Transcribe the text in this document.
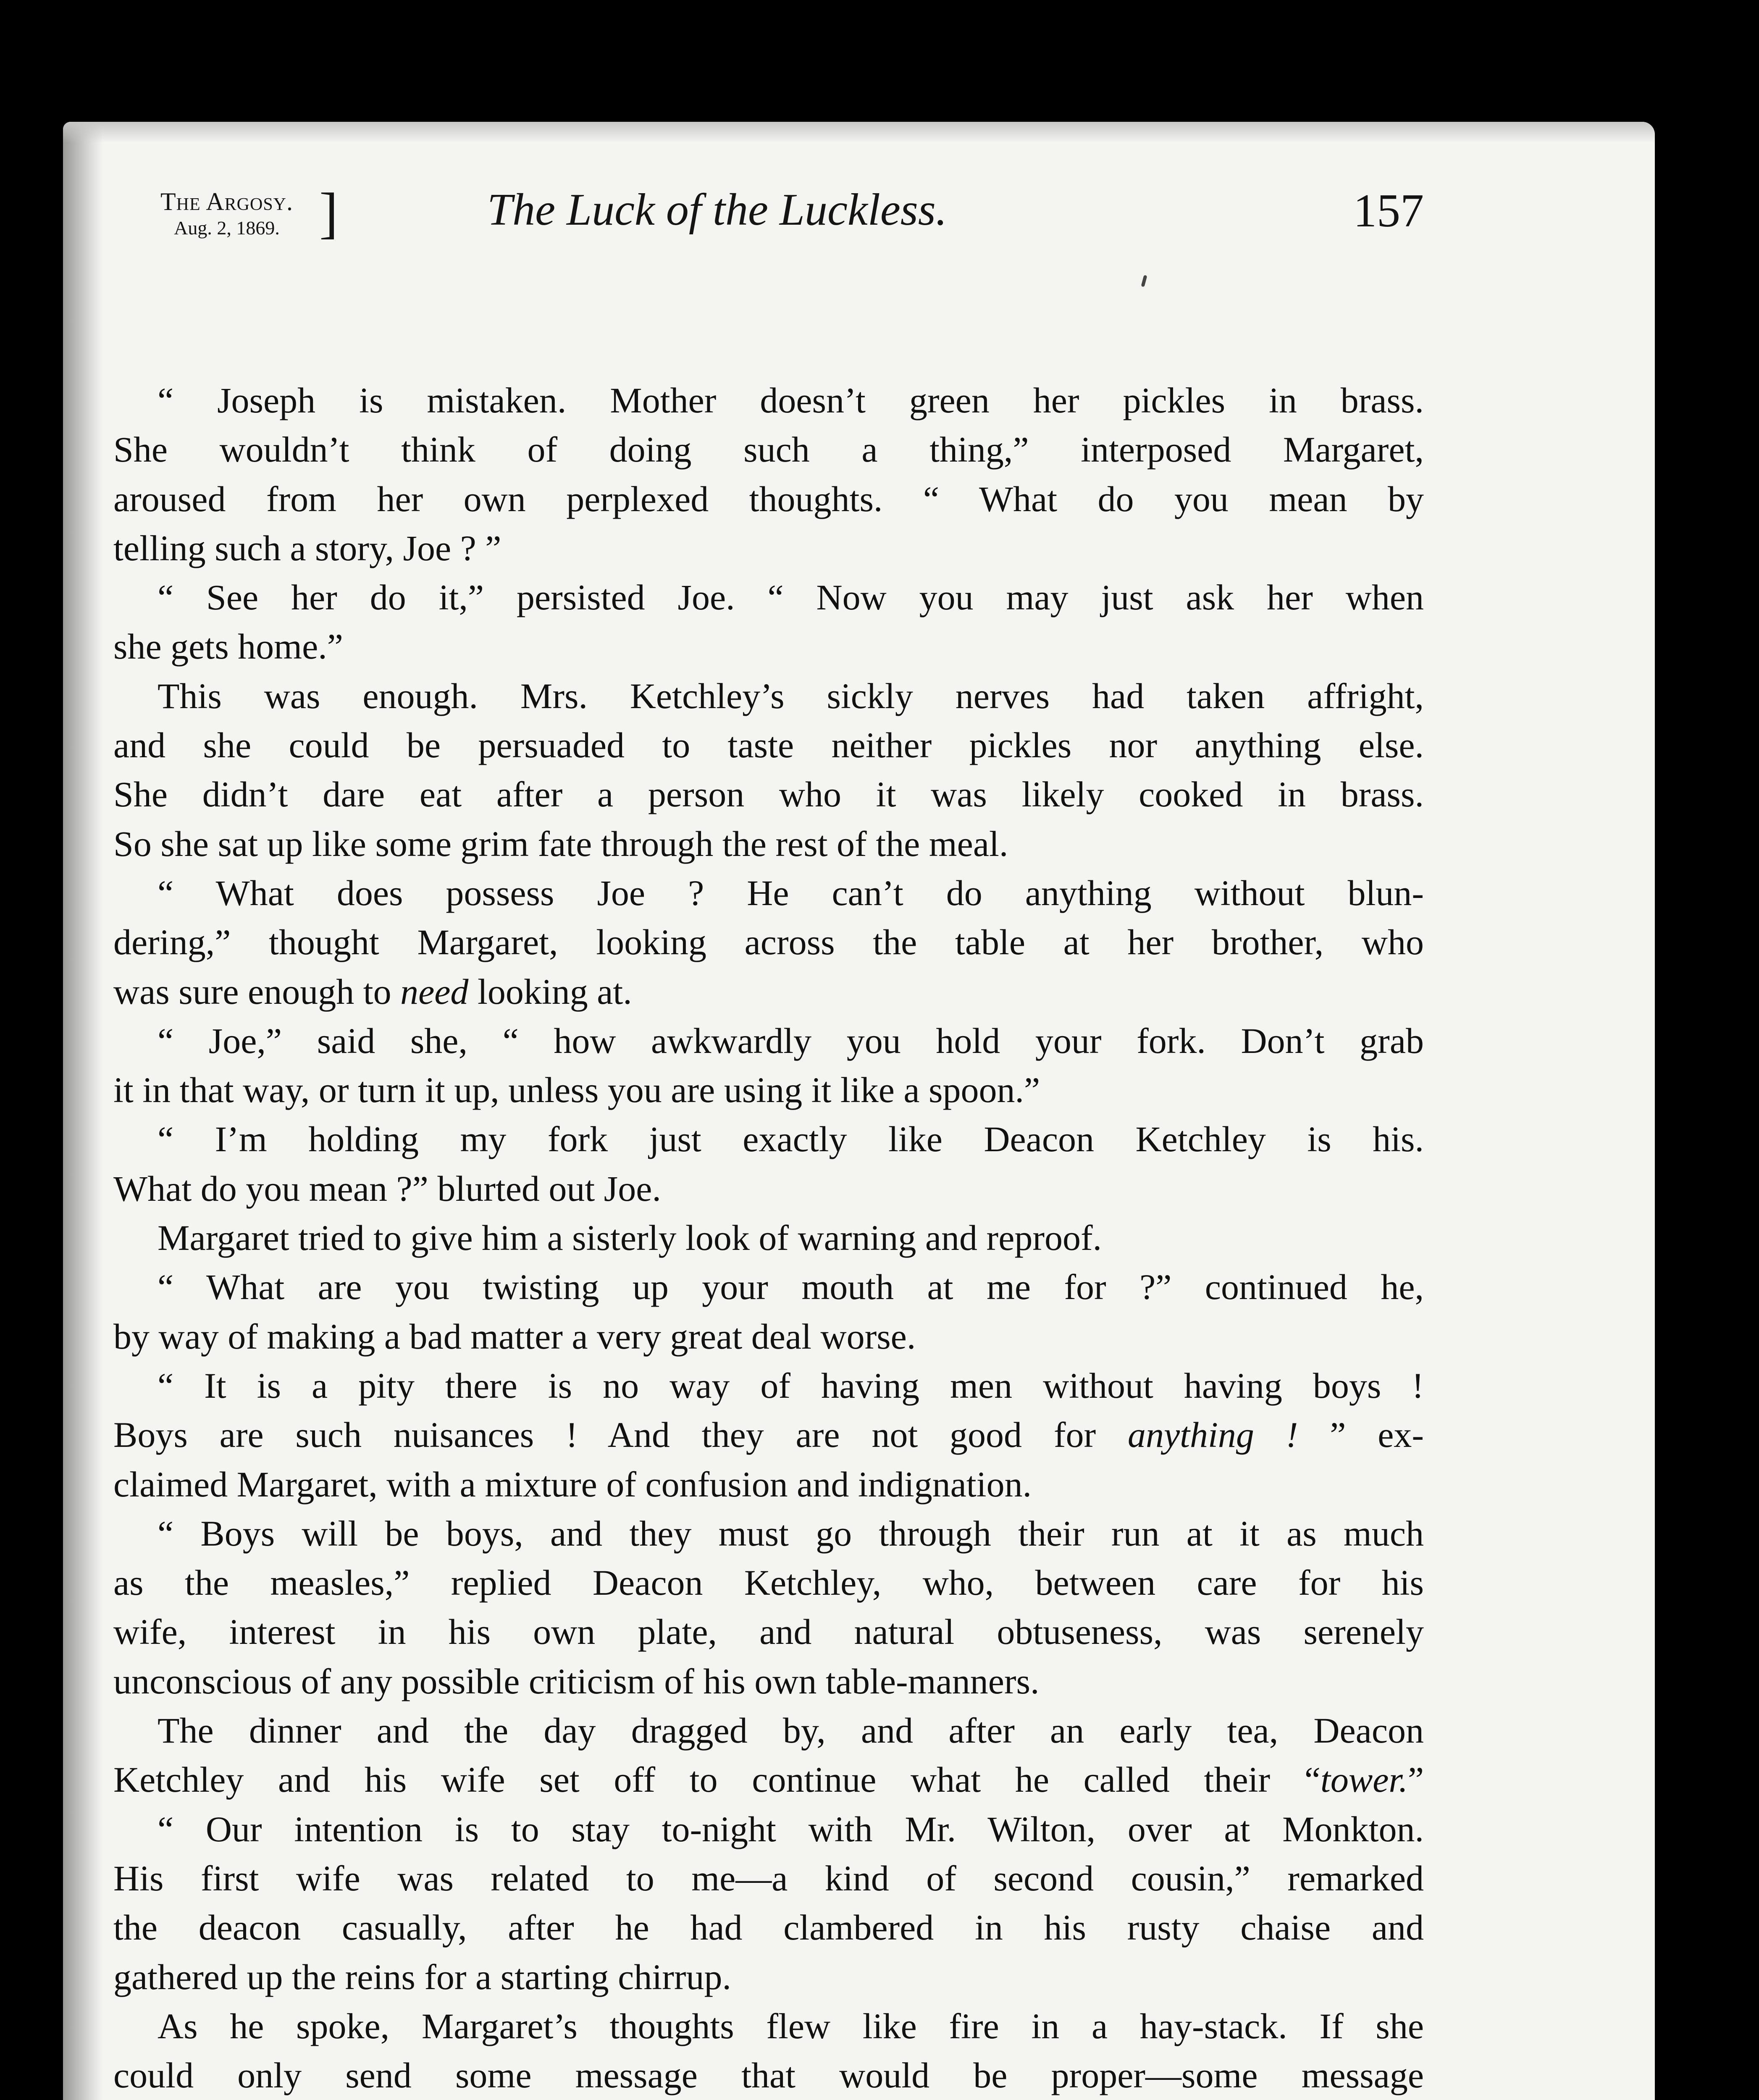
The Argosy.
Aug. 2, 1869. ]	The Luck of the Luckless.	157
“ Joseph is mistaken. Mother doesn’t green her pickles in brass.
She wouldn’t think of doing such a thing,” interposed Margaret,
aroused from her own perplexed thoughts. “ What do you mean by
telling such a story, Joe ? ”
“ See her do it,” persisted Joe. “ Now you may just ask her when
she gets home.”
This was enough. Mrs. Ketchley’s sickly nerves had taken affright,
and she could be persuaded to taste neither pickles nor anything else.
She didn’t dare eat after a person who it was likely cooked in brass.
So she sat up like some grim fate through the rest of the meal.
“ What does possess Joe ? He can’t do anything without blun-
dering,” thought Margaret, looking across the table at her brother, who
was sure enough to need looking at.
“ Joe,” said she, “ how awkwardly you hold your fork. Don’t grab
it in that way, or turn it up, unless you are using it like a spoon.”
“ I’m holding my fork just exactly like Deacon Ketchley is his.
What do you mean ?” blurted out Joe.
Margaret tried to give him a sisterly look of warning and reproof.
“ What are you twisting up your mouth at me for ?” continued he,
by way of making a bad matter a very great deal worse.
“ It is a pity there is no way of having men without having boys !
Boys are such nuisances ! And they are not good for anything ! ” ex-
claimed Margaret, with a mixture of confusion and indignation.
“ Boys will be boys, and they must go through their run at it as much
as the measles,” replied Deacon Ketchley, who, between care for his
wife, interest in his own plate, and natural obtuseness, was serenely
unconscious of any possible criticism of his own table-manners.
The dinner and the day dragged by, and after an early tea, Deacon
Ketchley and his wife set off to continue what he called their “tower.”
“ Our intention is to stay to-night with Mr. Wilton, over at Monkton.
His first wife was related to me—a kind of second cousin,” remarked
the deacon casually, after he had clambered in his rusty chaise and
gathered up the reins for a starting chirrup.
As he spoke, Margaret’s thoughts flew like fire in a hay-stack. If she
could only send some message that would be proper—some message
